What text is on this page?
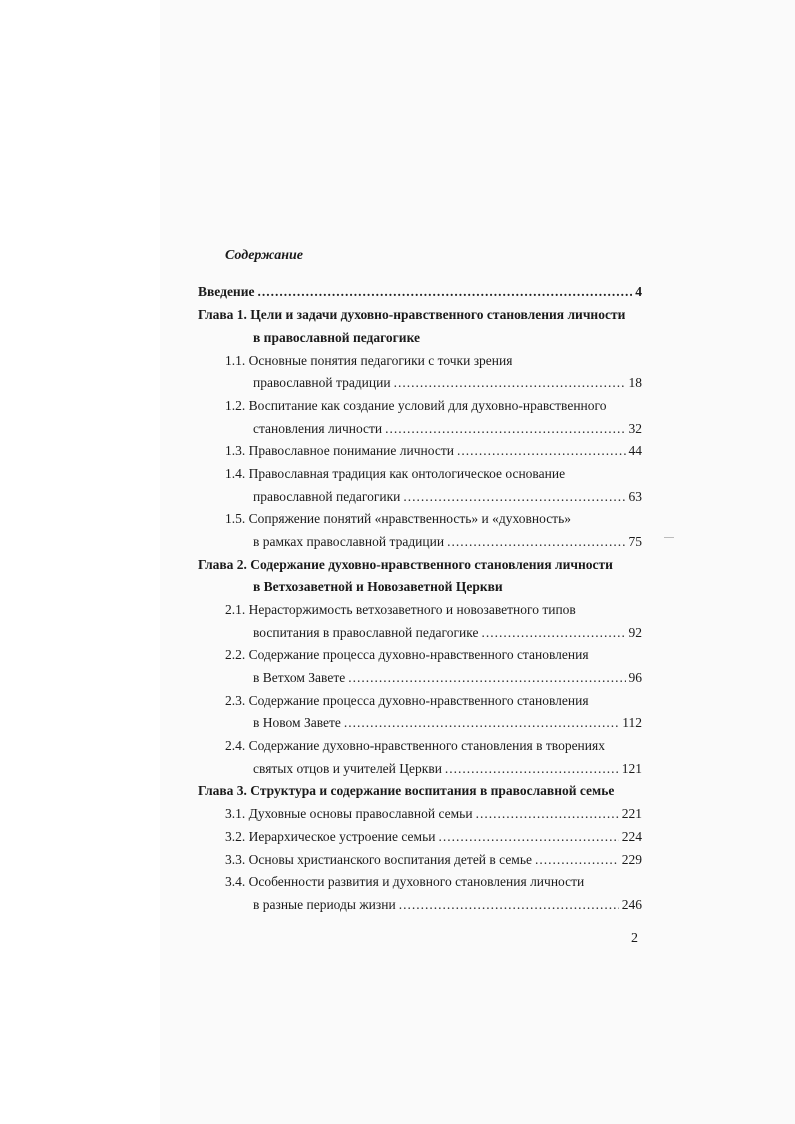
Содержание
Введение .....	4
Глава 1. Цели и задачи духовно-нравственного становления личности
в православной педагогике
1.1. Основные понятия педагогики с точки зрения
православной традиции .....	18
1.2. Воспитание как создание условий для духовно-нравственного
становления личности .....	32
1.3. Православное понимание личности .....	44
1.4. Православная традиция как онтологическое основание
православной педагогики .....	63
1.5. Сопряжение понятий «нравственность» и «духовность»
в рамках православной традиции .....	75
Глава 2. Содержание духовно-нравственного становления личности
в Ветхозаветной и Новозаветной Церкви
2.1. Нерасторжимость ветхозаветного и новозаветного типов
воспитания в православной педагогике .....	92
2.2. Содержание процесса духовно-нравственного становления
в Ветхом Завете .....	96
2.3. Содержание процесса духовно-нравственного становления
в Новом Завете .....	112
2.4. Содержание духовно-нравственного становления в творениях
святых отцов и учителей Церкви .....	121
Глава 3. Структура и содержание воспитания в православной семье
3.1. Духовные основы православной семьи .....	221
3.2. Иерархическое устроение семьи .....	224
3.3. Основы христианского воспитания детей в семье .....	229
3.4. Особенности развития и духовного становления личности
в разные периоды жизни .....	246
2
